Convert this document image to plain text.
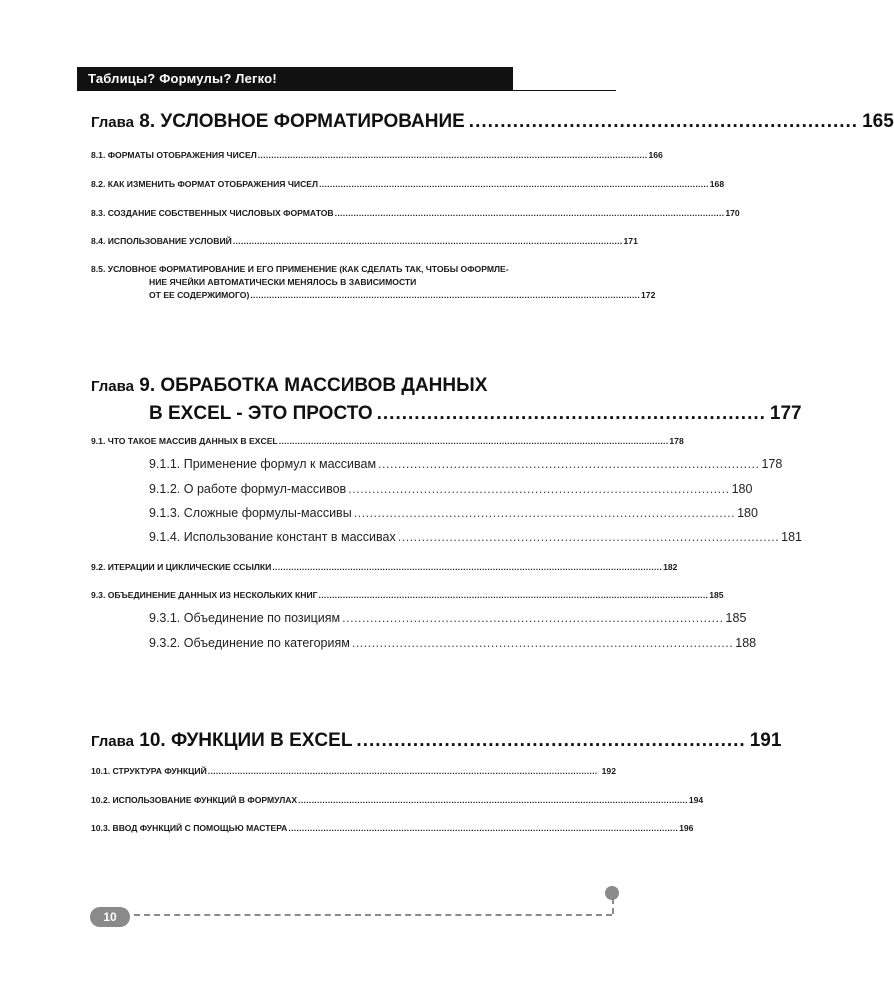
Таблицы? Формулы? Легко!
Глава
8. УСЛОВНОЕ ФОРМАТИРОВАНИЕ .............................................................. 165
8.1. ФОРМАТЫ ОТОБРАЖЕНИЯ ЧИСЕЛ ................................................................................................................................................. 166
8.2. КАК ИЗМЕНИТЬ ФОРМАТ ОТОБРАЖЕНИЯ ЧИСЕЛ ................................................................................................................................................. 168
8.3. СОЗДАНИЕ СОБСТВЕННЫХ ЧИСЛОВЫХ ФОРМАТОВ ................................................................................................................................................. 170
8.4. ИСПОЛЬЗОВАНИЕ УСЛОВИЙ ................................................................................................................................................. 171
8.5. УСЛОВНОЕ ФОРМАТИРОВАНИЕ И ЕГО ПРИМЕНЕНИЕ (КАК СДЕЛАТЬ ТАК, ЧТОБЫ ОФОРМЛЕ-
НИЕ ЯЧЕЙКИ АВТОМАТИЧЕСКИ МЕНЯЛОСЬ В ЗАВИСИМОСТИ
ОТ ЕЕ СОДЕРЖИМОГО) ................................................................................................................................................. 172
Глава
9. ОБРАБОТКА МАССИВОВ ДАННЫХ
В EXCEL - ЭТО ПРОСТО .............................................................. 177
9.1. ЧТО ТАКОЕ МАССИВ ДАННЫХ В EXCEL ................................................................................................................................................. 178
9.1.1. Применение формул к массивам ................................................................................................ 178
9.1.2. О работе формул-массивов ................................................................................................ 180
9.1.3. Сложные формулы-массивы ................................................................................................ 180
9.1.4. Использование констант в массивах ................................................................................................ 181
9.2. ИТЕРАЦИИ И ЦИКЛИЧЕСКИЕ ССЫЛКИ ................................................................................................................................................. 182
9.3. ОБЪЕДИНЕНИЕ ДАННЫХ ИЗ НЕСКОЛЬКИХ КНИГ ................................................................................................................................................. 185
9.3.1. Объединение по позициям ................................................................................................ 185
9.3.2. Объединение по категориям ................................................................................................ 188
Глава
10. ФУНКЦИИ В EXCEL .............................................................. 191
10.1. СТРУКТУРА ФУНКЦИЙ ................................................................................................................................................. 192
10.2. ИСПОЛЬЗОВАНИЕ ФУНКЦИЙ В ФОРМУЛАХ ................................................................................................................................................. 194
10.3. ВВОД ФУНКЦИЙ С ПОМОЩЬЮ МАСТЕРА ................................................................................................................................................. 196
10
